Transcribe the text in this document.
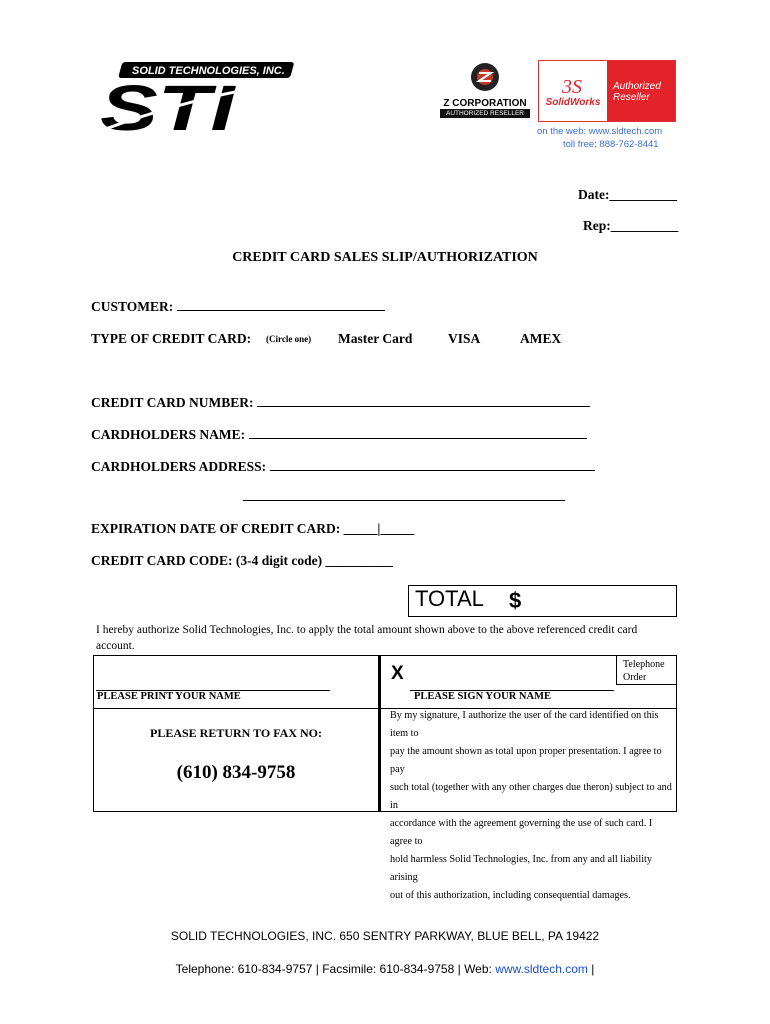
SOLID TECHNOLOGIES, INC.
STI	Z CORPORATION
AUTHORIZED RESELLER
3S
SolidWorks
Authorized Reseller
on the web: www.sldtech.com
toll free: 888-762-8441
Date:__________
Rep:__________
CREDIT CARD SALES SLIP/AUTHORIZATION
CUSTOMER:
TYPE OF CREDIT CARD: (Circle one) Master Card	VISA	AMEX
CREDIT CARD NUMBER:
CARDHOLDERS NAME:
CARDHOLDERS ADDRESS:
EXPIRATION DATE OF CREDIT CARD: _____|_____
CREDIT CARD CODE: (3-4 digit code) __________
TOTAL $
I hereby authorize Solid Technologies, Inc. to apply the total amount shown above to the above referenced credit card account.
PLEASE PRINT YOUR NAME
X
PLEASE SIGN YOUR NAME
Telephone Order
PLEASE RETURN TO FAX NO:
(610) 834-9758
By my signature, I authorize the user of the card identified on this item to
pay the amount shown as total upon proper presentation. I agree to pay
such total (together with any other charges due theron) subject to and in
accordance with the agreement governing the use of such card. I agree to
hold harmless Solid Technologies, Inc. from any and all liability arising
out of this authorization, including consequential damages.
SOLID TECHNOLOGIES, INC. 650 SENTRY PARKWAY, BLUE BELL, PA 19422
Telephone: 610-834-9757 | Facsimile: 610-834-9758 | Web: www.sldtech.com |
